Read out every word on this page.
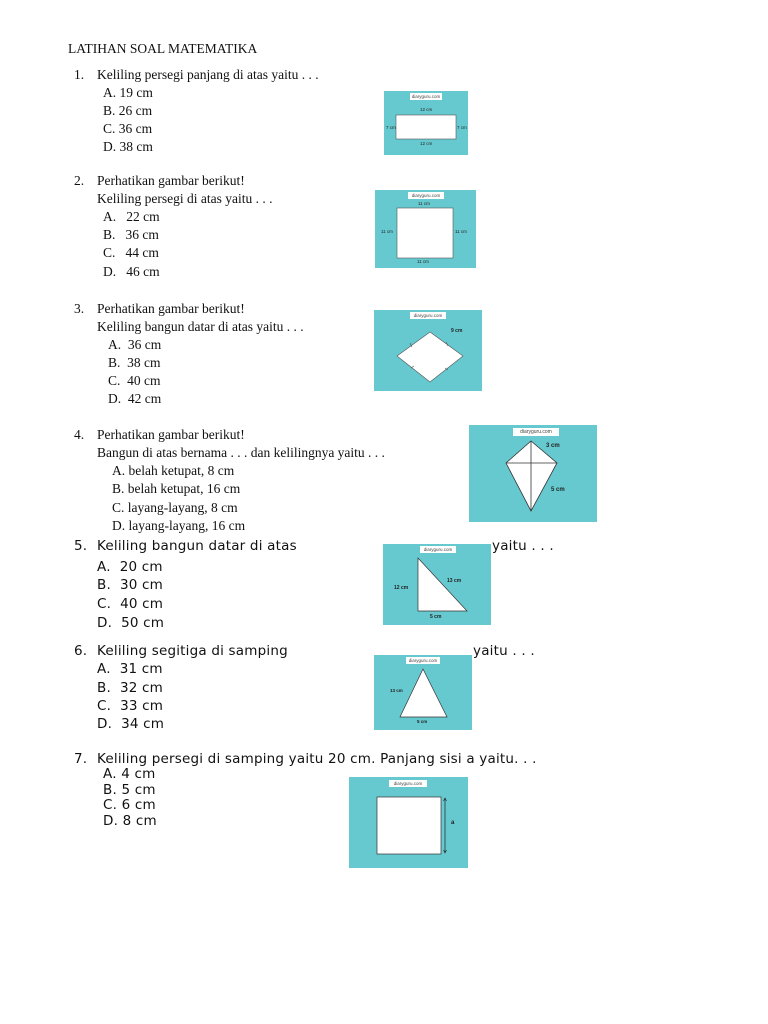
LATIHAN SOAL MATEMATIKA
1. Keliling persegi panjang di atas yaitu . . .
A. 19 cm
B. 26 cm
C. 36 cm
D. 38 cm
diaryguru.com
12 cm
12 cm
7 cm	7 cm
2. Perhatikan gambar berikut!
Keliling persegi di atas yaitu . . .
A. 22 cm
B. 36 cm
C. 44 cm
D. 46 cm
diaryguru.com
11 cm
11 cm
11 cm	11 cm
3. Perhatikan gambar berikut!
Keliling bangun datar di atas yaitu . . .
A. 36 cm
B. 38 cm
C. 40 cm
D. 42 cm
diaryguru.com
9 cm
4. Perhatikan gambar berikut!
Bangun di atas bernama . . . dan kelilingnya yaitu . . .
A. belah ketupat, 8 cm
B. belah ketupat, 16 cm
C. layang-layang, 8 cm
D. layang-layang, 16 cm
diaryguru.com
3 cm
5 cm
5. Keliling bangun datar di atas	yaitu . . .
A. 20 cm
B. 30 cm
C. 40 cm
D. 50 cm
diaryguru.com
12 cm
13 cm
5 cm
6. Keliling segitiga di samping	yaitu . . .
A. 31 cm
B. 32 cm
C. 33 cm
D. 34 cm
diaryguru.com
13 cm
5 cm
7. Keliling persegi di samping yaitu 20 cm. Panjang sisi a yaitu. . .
A. 4 cm
B. 5 cm
C. 6 cm
D. 8 cm
diaryguru.com
a
